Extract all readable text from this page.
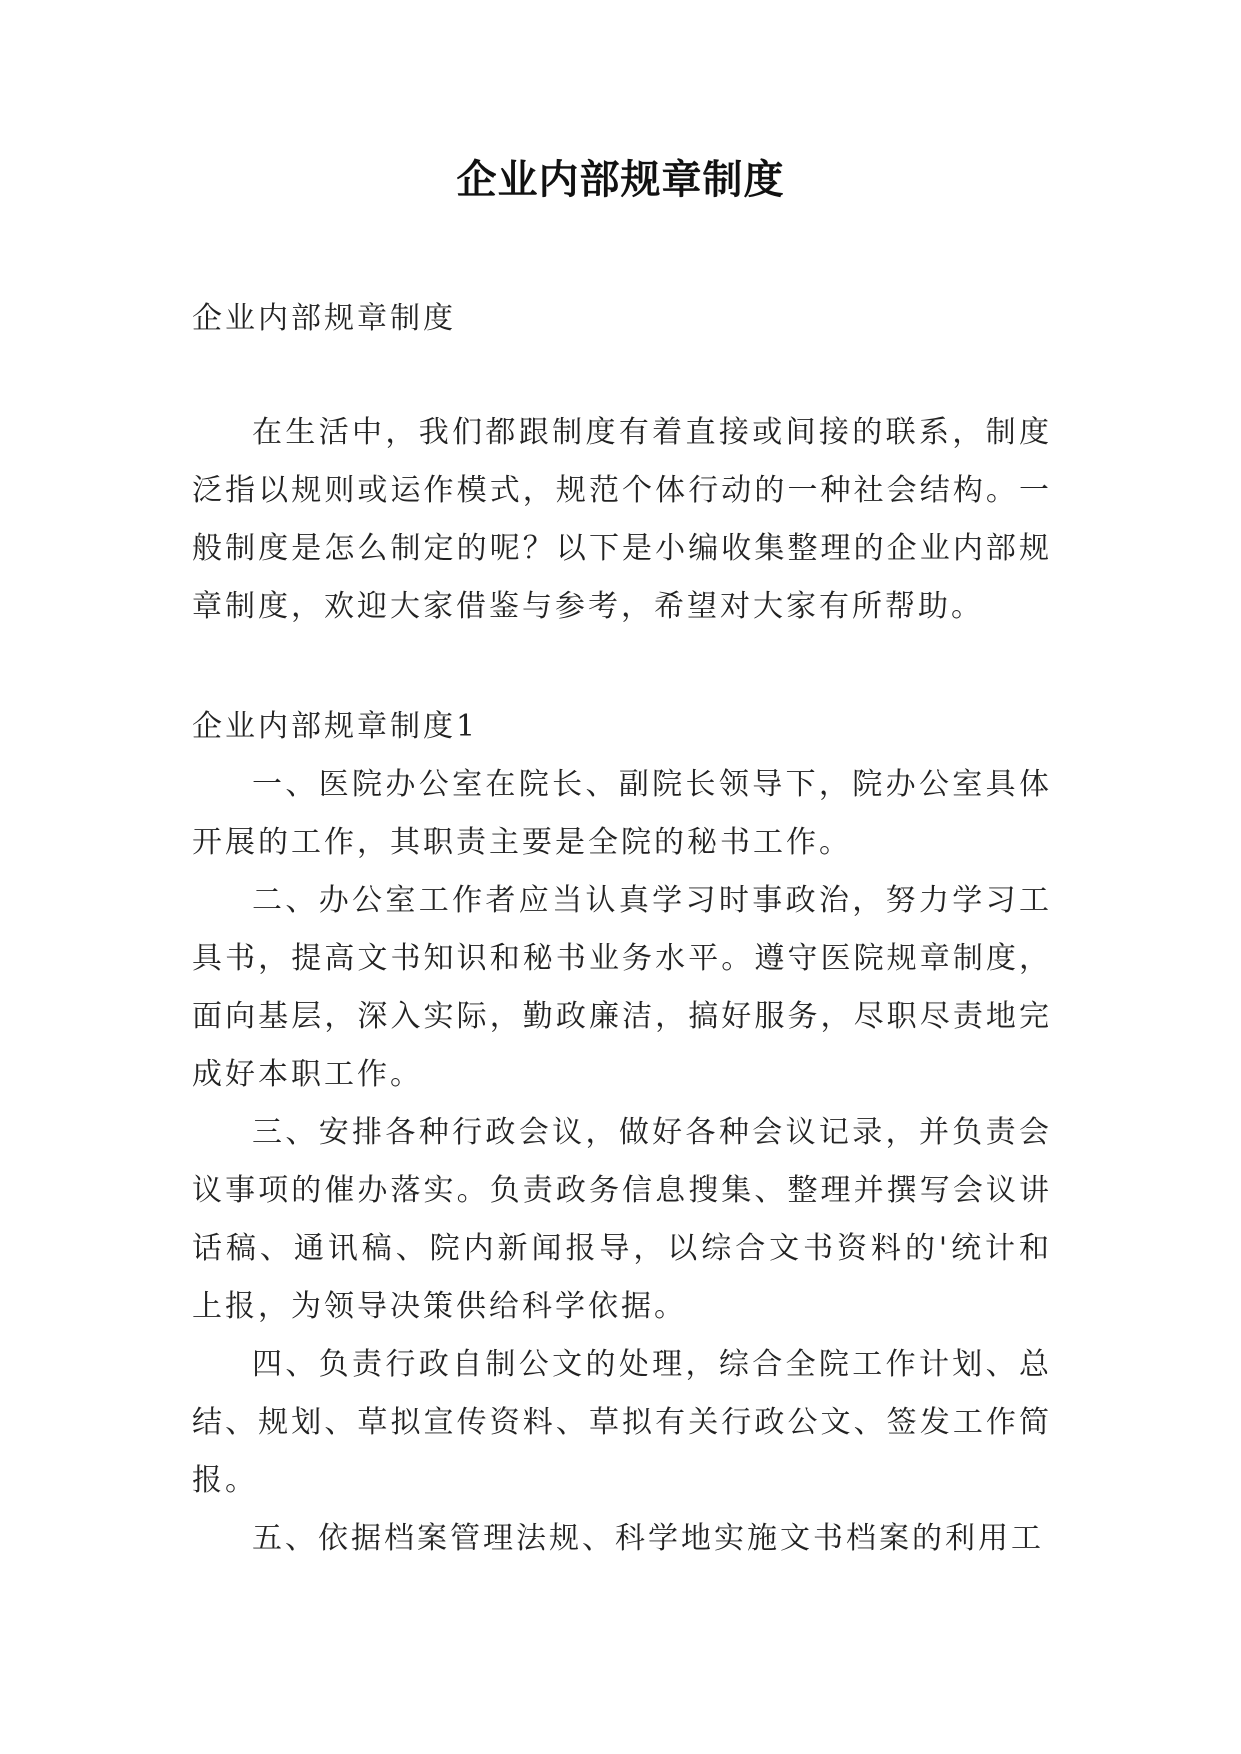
企业内部规章制度

企业内部规章制度

在生活中，我们都跟制度有着直接或间接的联系，制度泛指以规则或运作模式，规范个体行动的一种社会结构。一般制度是怎么制定的呢？以下是小编收集整理的企业内部规章制度，欢迎大家借鉴与参考，希望对大家有所帮助。

企业内部规章制度1

一、医院办公室在院长、副院长领导下，院办公室具体开展的工作，其职责主要是全院的秘书工作。

二、办公室工作者应当认真学习时事政治，努力学习工具书，提高文书知识和秘书业务水平。遵守医院规章制度，面向基层，深入实际，勤政廉洁，搞好服务，尽职尽责地完成好本职工作。

三、安排各种行政会议，做好各种会议记录，并负责会议事项的催办落实。负责政务信息搜集、整理并撰写会议讲话稿、通讯稿、院内新闻报导，以综合文书资料的'统计和上报，为领导决策供给科学依据。

四、负责行政自制公文的处理，综合全院工作计划、总结、规划、草拟宣传资料、草拟有关行政公文、签发工作简报。

五、依据档案管理法规、科学地实施文书档案的利用工
